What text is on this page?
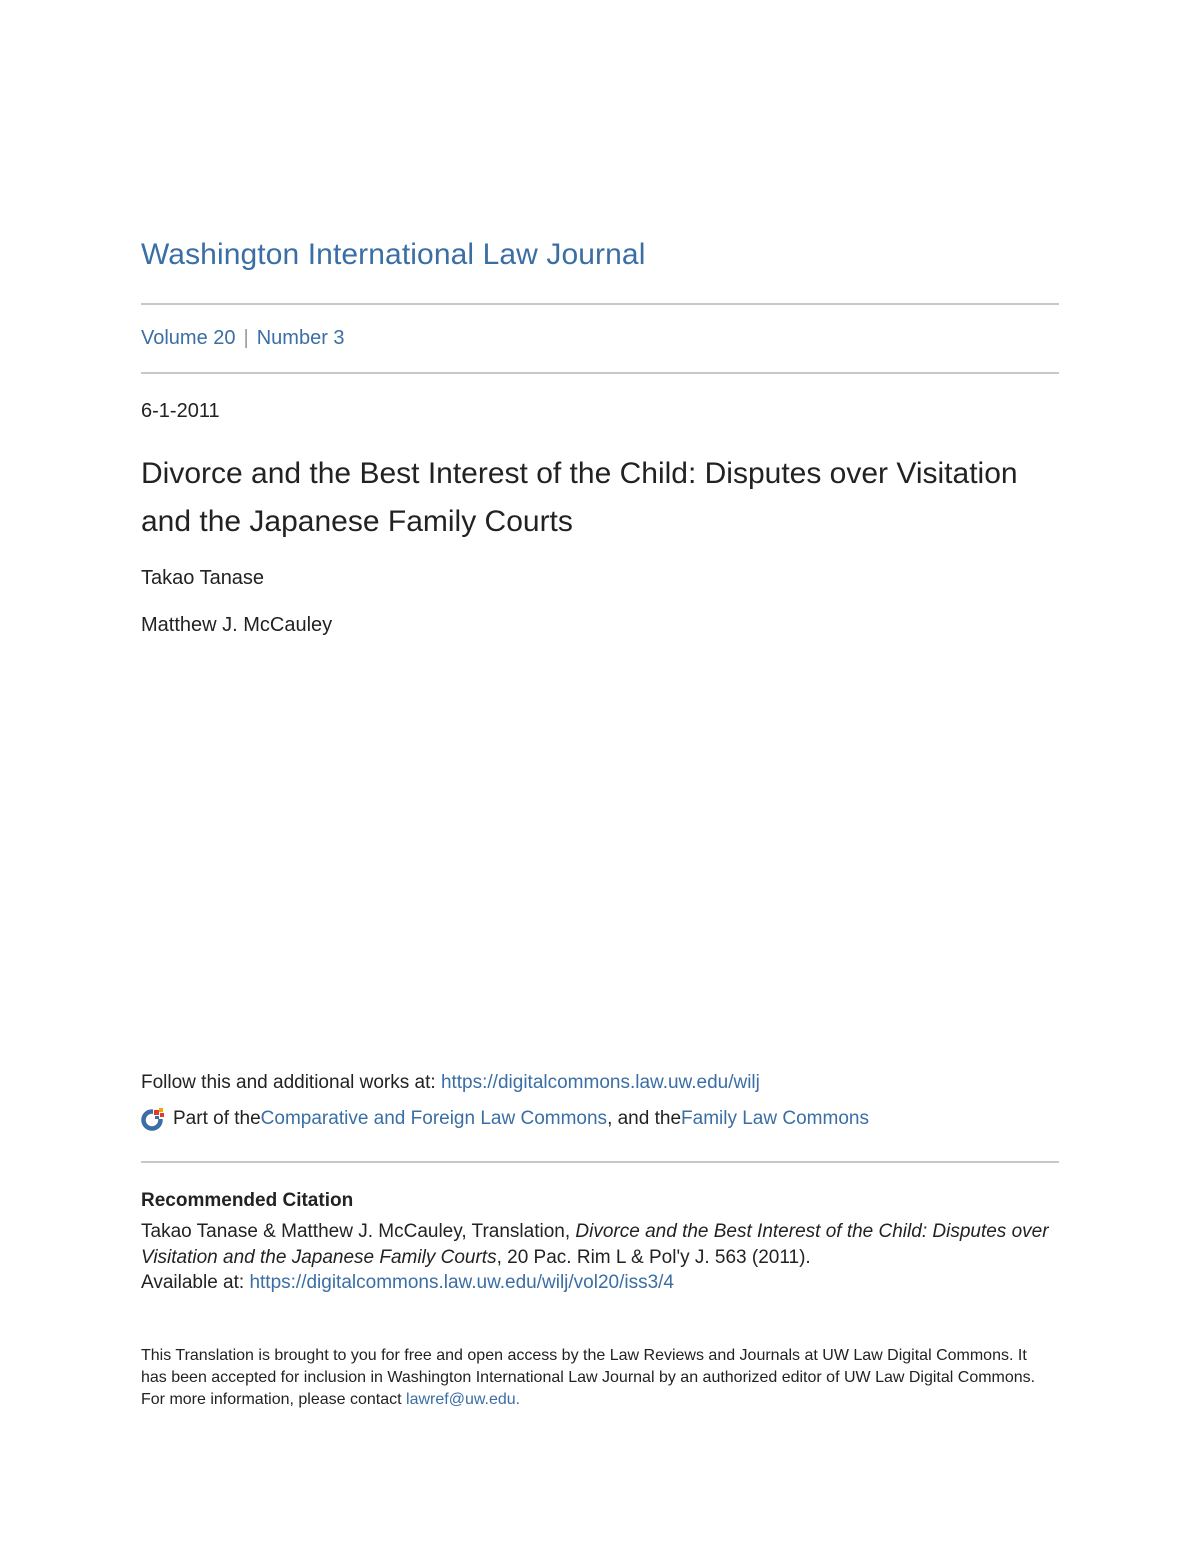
Washington International Law Journal
Volume 20 | Number 3
6-1-2011
Divorce and the Best Interest of the Child: Disputes over Visitation and the Japanese Family Courts
Takao Tanase
Matthew J. McCauley
Follow this and additional works at: https://digitalcommons.law.uw.edu/wilj
Part of the Comparative and Foreign Law Commons , and the Family Law Commons
Recommended Citation
Takao Tanase & Matthew J. McCauley, Translation, Divorce and the Best Interest of the Child: Disputes over Visitation and the Japanese Family Courts, 20 Pac. Rim L & Pol'y J. 563 (2011).
Available at: https://digitalcommons.law.uw.edu/wilj/vol20/iss3/4
This Translation is brought to you for free and open access by the Law Reviews and Journals at UW Law Digital Commons. It has been accepted for inclusion in Washington International Law Journal by an authorized editor of UW Law Digital Commons. For more information, please contact lawref@uw.edu.
